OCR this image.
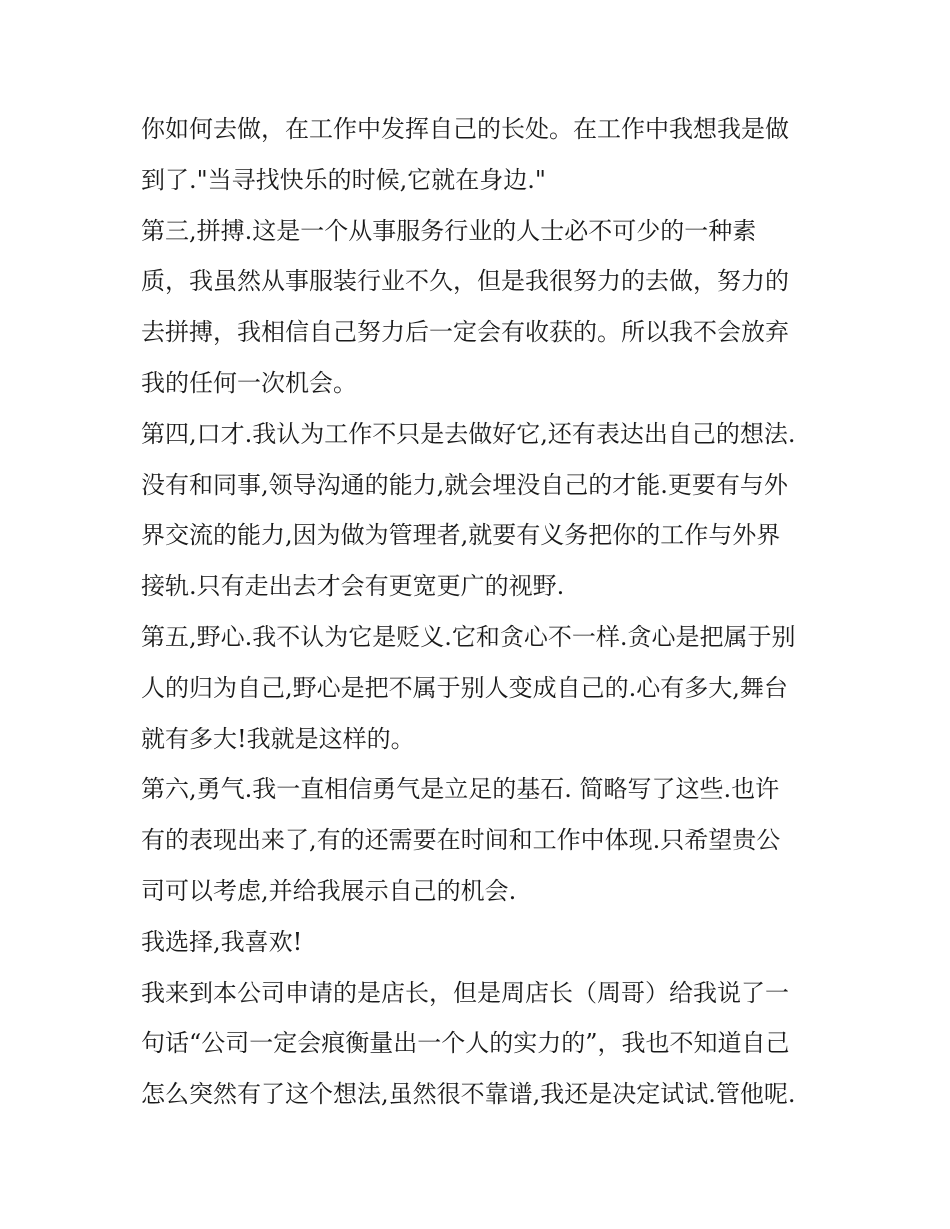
你如何去做，在工作中发挥自己的长处。在工作中我想我是做
到了."当寻找快乐的时候,它就在身边."
第三,拼搏.这是一个从事服务行业的人士必不可少的一种素
质，我虽然从事服装行业不久，但是我很努力的去做，努力的
去拼搏，我相信自己努力后一定会有收获的。所以我不会放弃
我的任何一次机会。
第四,口才.我认为工作不只是去做好它,还有表达出自己的想法.
没有和同事,领导沟通的能力,就会埋没自己的才能.更要有与外
界交流的能力,因为做为管理者,就要有义务把你的工作与外界
接轨.只有走出去才会有更宽更广的视野.
第五,野心.我不认为它是贬义.它和贪心不一样.贪心是把属于别
人的归为自己,野心是把不属于别人变成自己的.心有多大,舞台
就有多大!我就是这样的。
第六,勇气.我一直相信勇气是立足的基石. 简略写了这些.也许
有的表现出来了,有的还需要在时间和工作中体现.只希望贵公
司可以考虑,并给我展示自己的机会.
我选择,我喜欢!
我来到本公司申请的是店长，但是周店长（周哥）给我说了一
句话“公司一定会痕衡量出一个人的实力的”，我也不知道自己
怎么突然有了这个想法,虽然很不靠谱,我还是决定试试.管他呢.
